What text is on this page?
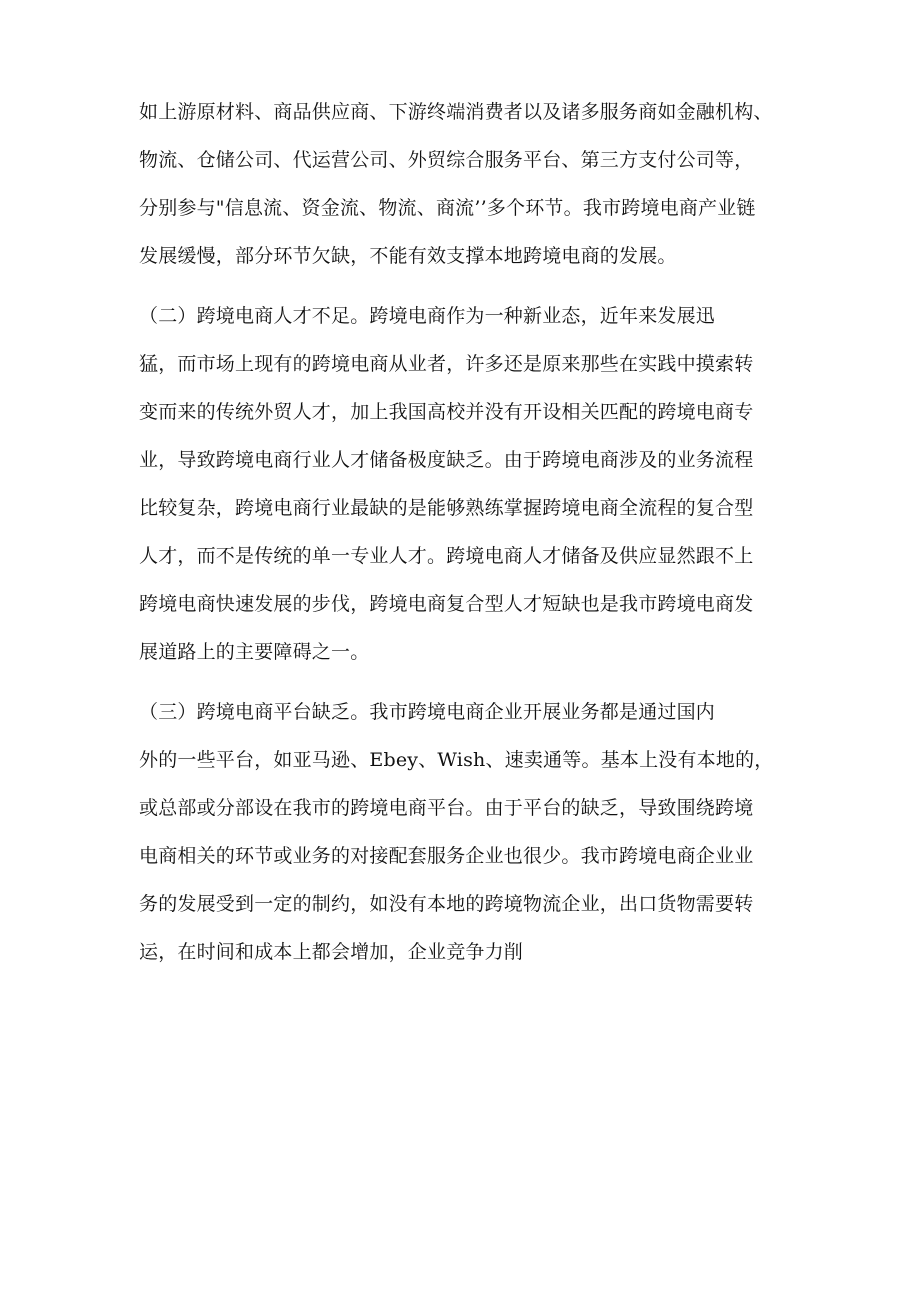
如上游原材料、商品供应商、下游终端消费者以及诸多服务商如金融机构、
物流、仓储公司、代运营公司、外贸综合服务平台、第三方支付公司等，
分别参与"信息流、资金流、物流、商流’’多个环节。我市跨境电商产业链
发展缓慢，部分环节欠缺，不能有效支撑本地跨境电商的发展。
（二）跨境电商人才不足。跨境电商作为一种新业态，近年来发展迅
猛，而市场上现有的跨境电商从业者，许多还是原来那些在实践中摸索转
变而来的传统外贸人才，加上我国高校并没有开设相关匹配的跨境电商专
业，导致跨境电商行业人才储备极度缺乏。由于跨境电商涉及的业务流程
比较复杂，跨境电商行业最缺的是能够熟练掌握跨境电商全流程的复合型
人才，而不是传统的单一专业人才。跨境电商人才储备及供应显然跟不上
跨境电商快速发展的步伐，跨境电商复合型人才短缺也是我市跨境电商发
展道路上的主要障碍之一。
（三）跨境电商平台缺乏。我市跨境电商企业开展业务都是通过国内
外的一些平台，如亚马逊、Ebey、Wish、速卖通等。基本上没有本地的，
或总部或分部设在我市的跨境电商平台。由于平台的缺乏，导致围绕跨境
电商相关的环节或业务的对接配套服务企业也很少。我市跨境电商企业业
务的发展受到一定的制约，如没有本地的跨境物流企业，出口货物需要转
运，在时间和成本上都会增加，企业竞争力削
